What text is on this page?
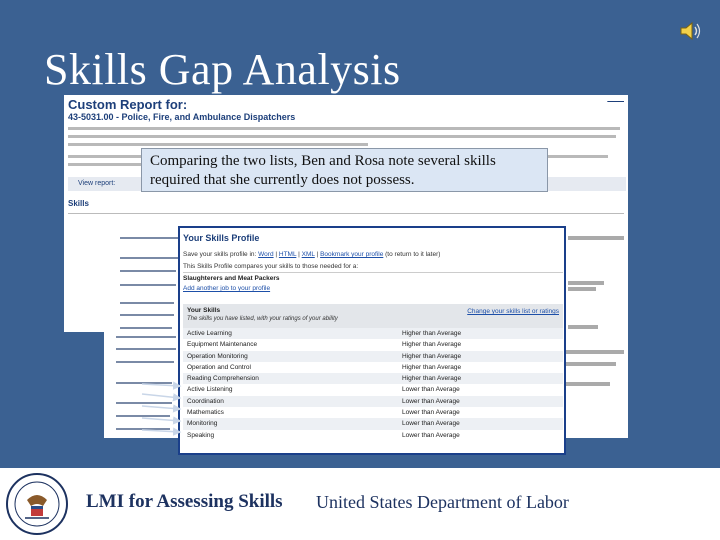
Skills Gap Analysis
Custom Report for:
43-5031.00 - Police, Fire, and Ambulance Dispatchers

View report:
Skills
Comparing the two lists, Ben and Rosa note several skills required that she currently does not possess.
Your Skills Profile
Save your skills profile in: Word | HTML | XML | Bookmark your profile (to return to it later)
This Skills Profile compares your skills to those needed for a:
Slaughterers and Meat Packers
Add another job to your profile
Your Skills
The skills you have listed, with your ratings of your ability
Change your skills list or ratings
Active Learning	Higher than Average
Equipment Maintenance	Higher than Average
Operation Monitoring	Higher than Average
Operation and Control	Higher than Average
Reading Comprehension	Higher than Average
Active Listening	Lower than Average
Coordination	Lower than Average
Mathematics	Lower than Average
Monitoring	Lower than Average
Speaking	Lower than Average
LMI for Assessing Skills United States Department of Labor
